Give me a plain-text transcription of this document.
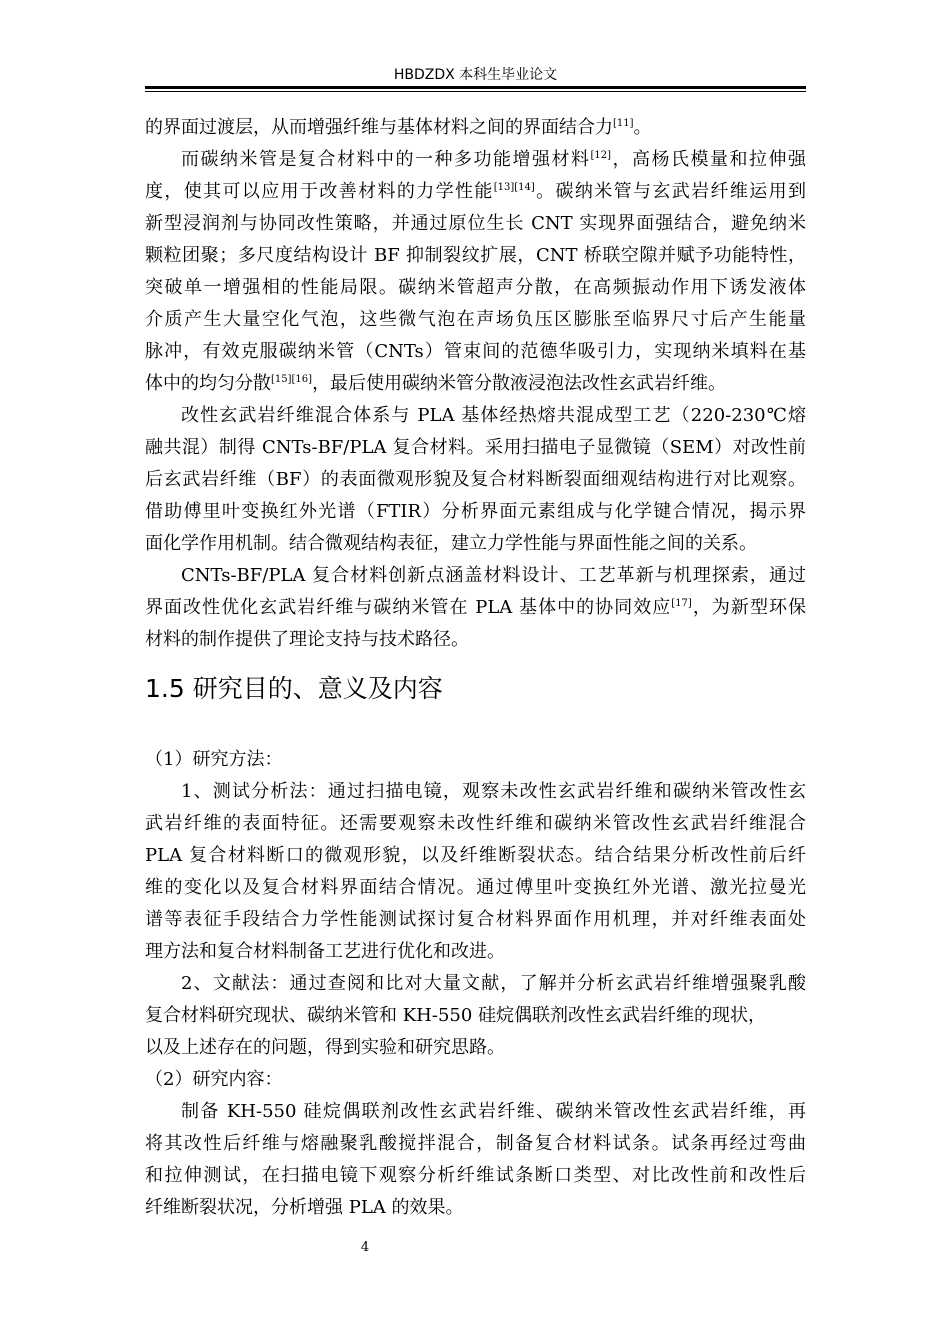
HBDZDX 本科生毕业论文
的界面过渡层，从而增强纤维与基体材料之间的界面结合力[11]。
而碳纳米管是复合材料中的一种多功能增强材料[12]，高杨氏模量和拉伸强
度，使其可以应用于改善材料的力学性能[13][14]。碳纳米管与玄武岩纤维运用到
新型浸润剂与协同改性策略，并通过原位生长 CNT 实现界面强结合，避免纳米
颗粒团聚；多尺度结构设计 BF 抑制裂纹扩展，CNT 桥联空隙并赋予功能特性，
突破单一增强相的性能局限。碳纳米管超声分散，在高频振动作用下诱发液体
介质产生大量空化气泡，这些微气泡在声场负压区膨胀至临界尺寸后产生能量
脉冲，有效克服碳纳米管（CNTs）管束间的范德华吸引力，实现纳米填料在基
体中的均匀分散[15][16]，最后使用碳纳米管分散液浸泡法改性玄武岩纤维。
改性玄武岩纤维混合体系与 PLA 基体经热熔共混成型工艺（220-230℃熔
融共混）制得 CNTs-BF/PLA 复合材料。采用扫描电子显微镜（SEM）对改性前
后玄武岩纤维（BF）的表面微观形貌及复合材料断裂面细观结构进行对比观察。
借助傅里叶变换红外光谱（FTIR）分析界面元素组成与化学键合情况，揭示界
面化学作用机制。结合微观结构表征，建立力学性能与界面性能之间的关系。
CNTs-BF/PLA 复合材料创新点涵盖材料设计、工艺革新与机理探索，通过
界面改性优化玄武岩纤维与碳纳米管在 PLA 基体中的协同效应[17]，为新型环保
材料的制作提供了理论支持与技术路径。
1.5 研究目的、意义及内容
（1）研究方法：
1、测试分析法：通过扫描电镜，观察未改性玄武岩纤维和碳纳米管改性玄
武岩纤维的表面特征。还需要观察未改性纤维和碳纳米管改性玄武岩纤维混合
PLA 复合材料断口的微观形貌，以及纤维断裂状态。结合结果分析改性前后纤
维的变化以及复合材料界面结合情况。通过傅里叶变换红外光谱、激光拉曼光
谱等表征手段结合力学性能测试探讨复合材料界面作用机理，并对纤维表面处
理方法和复合材料制备工艺进行优化和改进。
2、文献法：通过查阅和比对大量文献，了解并分析玄武岩纤维增强聚乳酸
复合材料研究现状、碳纳米管和 KH-550 硅烷偶联剂改性玄武岩纤维的现状，
以及上述存在的问题，得到实验和研究思路。
（2）研究内容：
制备 KH-550 硅烷偶联剂改性玄武岩纤维、碳纳米管改性玄武岩纤维，再
将其改性后纤维与熔融聚乳酸搅拌混合，制备复合材料试条。试条再经过弯曲
和拉伸测试，在扫描电镜下观察分析纤维试条断口类型、对比改性前和改性后
纤维断裂状况，分析增强 PLA 的效果。
4
